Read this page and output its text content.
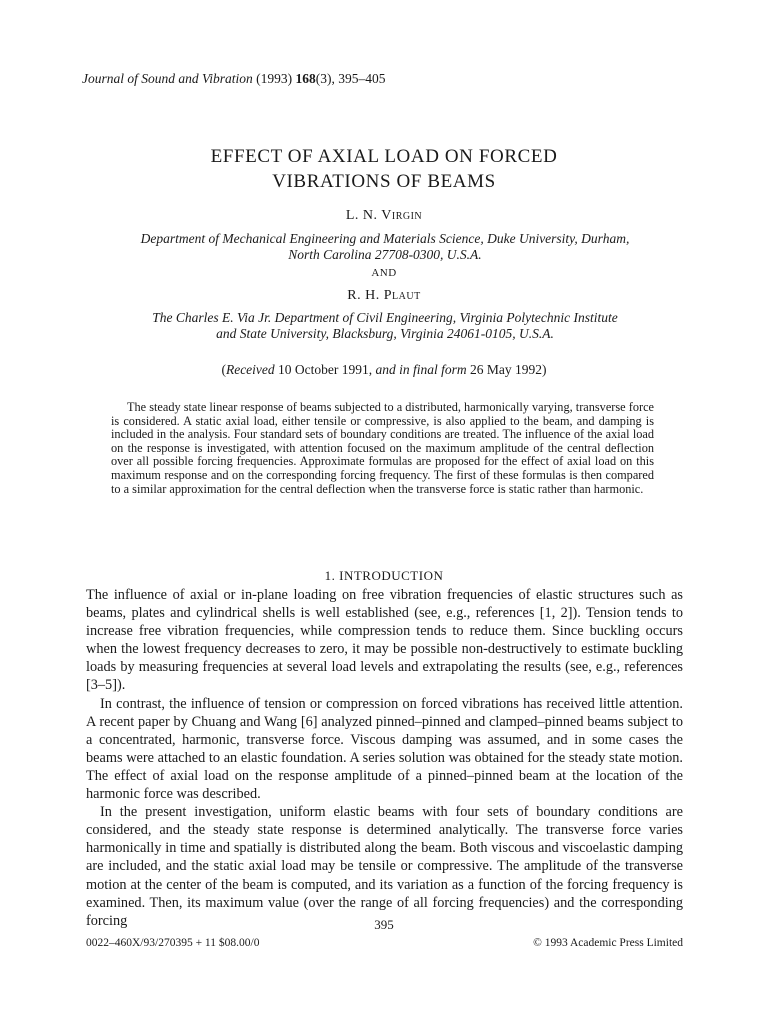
Journal of Sound and Vibration (1993) 168(3), 395–405
EFFECT OF AXIAL LOAD ON FORCED
VIBRATIONS OF BEAMS
L. N. Virgin
Department of Mechanical Engineering and Materials Science, Duke University, Durham,
North Carolina 27708-0300, U.S.A.
AND
R. H. Plaut
The Charles E. Via Jr. Department of Civil Engineering, Virginia Polytechnic Institute
and State University, Blacksburg, Virginia 24061-0105, U.S.A.
(Received 10 October 1991, and in final form 26 May 1992)
The steady state linear response of beams subjected to a distributed, harmonically varying, transverse force is considered. A static axial load, either tensile or compressive, is also applied to the beam, and damping is included in the analysis. Four standard sets of boundary conditions are treated. The influence of the axial load on the response is investigated, with attention focused on the maximum amplitude of the central deflection over all possible forcing frequencies. Approximate formulas are proposed for the effect of axial load on this maximum response and on the corresponding forcing frequency. The first of these formulas is then compared to a similar approximation for the central deflection when the transverse force is static rather than harmonic.
1. INTRODUCTION

The influence of axial or in-plane loading on free vibration frequencies of elastic structures such as beams, plates and cylindrical shells is well established (see, e.g., references [1, 2]). Tension tends to increase free vibration frequencies, while compression tends to reduce them. Since buckling occurs when the lowest frequency decreases to zero, it may be possible non-destructively to estimate buckling loads by measuring frequencies at several load levels and extrapolating the results (see, e.g., references [3–5]).

In contrast, the influence of tension or compression on forced vibrations has received little attention. A recent paper by Chuang and Wang [6] analyzed pinned–pinned and clamped–pinned beams subject to a concentrated, harmonic, transverse force. Viscous damping was assumed, and in some cases the beams were attached to an elastic foundation. A series solution was obtained for the steady state motion. The effect of axial load on the response amplitude of a pinned–pinned beam at the location of the harmonic force was described.

In the present investigation, uniform elastic beams with four sets of boundary conditions are considered, and the steady state response is determined analytically. The transverse force varies harmonically in time and spatially is distributed along the beam. Both viscous and viscoelastic damping are included, and the static axial load may be tensile or compressive. The amplitude of the transverse motion at the center of the beam is computed, and its variation as a function of the forcing frequency is examined. Then, its maximum value (over the range of all forcing frequencies) and the corresponding forcing	395
0022–460X/93/270395 + 11 $08.00/0	© 1993 Academic Press Limited
